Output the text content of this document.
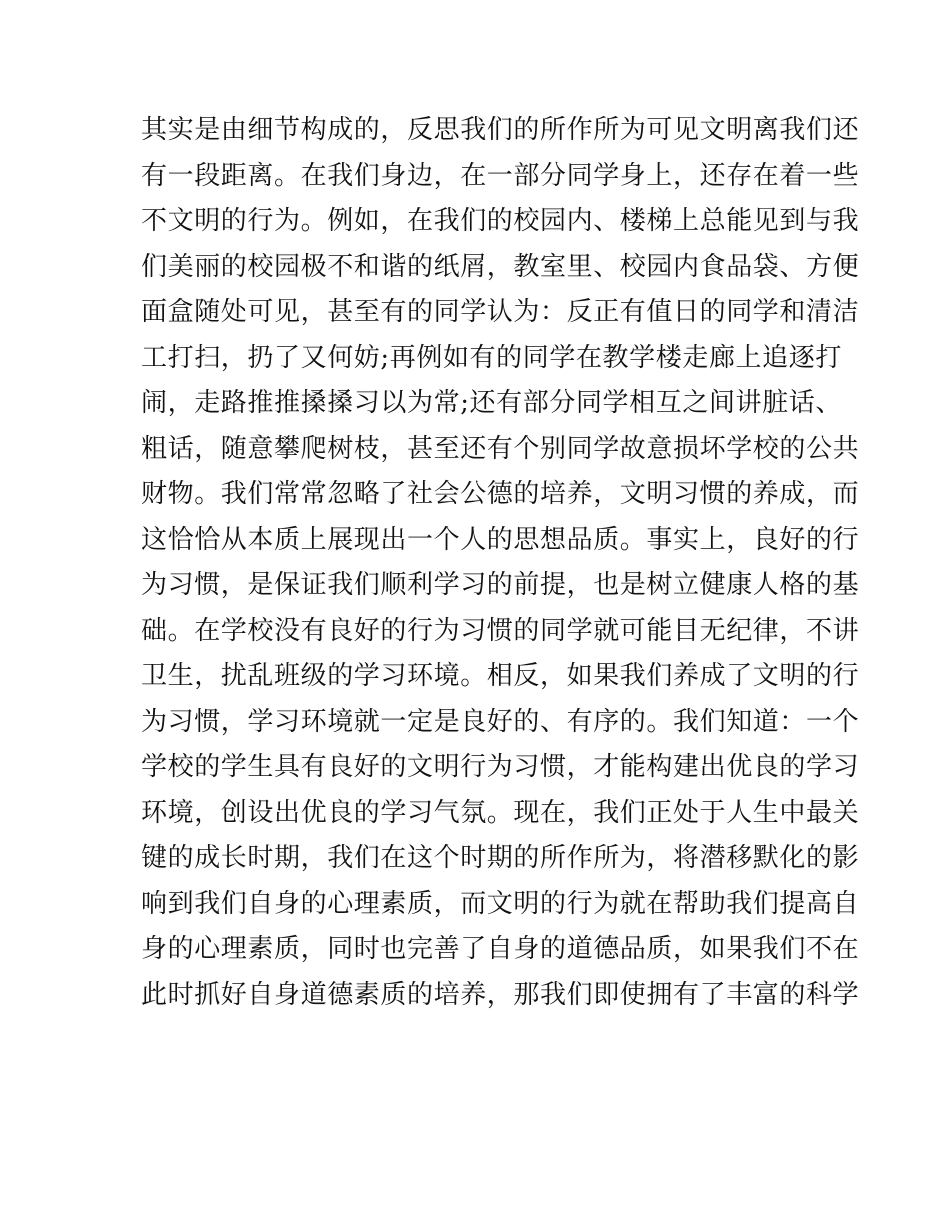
其实是由细节构成的，反思我们的所作所为可见文明离我们还
有一段距离。在我们身边，在一部分同学身上，还存在着一些
不文明的行为。例如，在我们的校园内、楼梯上总能见到与我
们美丽的校园极不和谐的纸屑，教室里、校园内食品袋、方便
面盒随处可见，甚至有的同学认为：反正有值日的同学和清洁
工打扫，扔了又何妨;再例如有的同学在教学楼走廊上追逐打
闹，走路推推搡搡习以为常;还有部分同学相互之间讲脏话、
粗话，随意攀爬树枝，甚至还有个别同学故意损坏学校的公共
财物。我们常常忽略了社会公德的培养，文明习惯的养成，而
这恰恰从本质上展现出一个人的思想品质。事实上，良好的行
为习惯，是保证我们顺利学习的前提，也是树立健康人格的基
础。在学校没有良好的行为习惯的同学就可能目无纪律，不讲
卫生，扰乱班级的学习环境。相反，如果我们养成了文明的行
为习惯，学习环境就一定是良好的、有序的。我们知道：一个
学校的学生具有良好的文明行为习惯，才能构建出优良的学习
环境，创设出优良的学习气氛。现在，我们正处于人生中最关
键的成长时期，我们在这个时期的所作所为，将潜移默化的影
响到我们自身的心理素质，而文明的行为就在帮助我们提高自
身的心理素质，同时也完善了自身的道德品质，如果我们不在
此时抓好自身道德素质的培养，那我们即使拥有了丰富的科学
